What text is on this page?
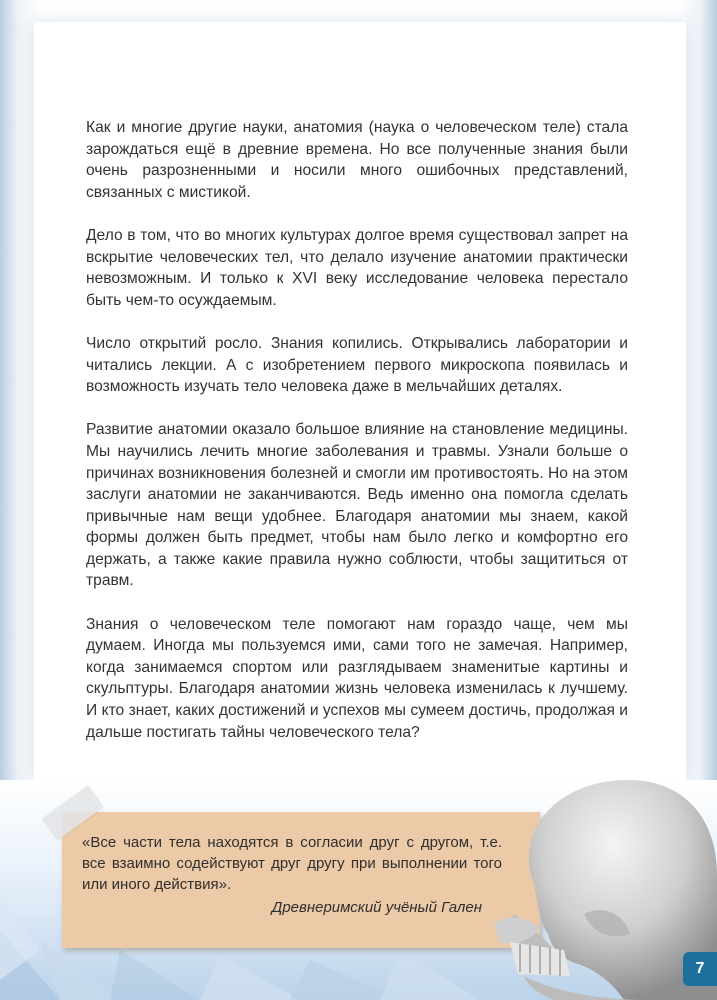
Как и многие другие науки, анатомия (наука о человеческом теле) стала зарождаться ещё в древние времена. Но все полученные знания были очень разрозненными и носили много ошибочных представлений, связанных с мистикой.

Дело в том, что во многих культурах долгое время существовал запрет на вскрытие человеческих тел, что делало изучение анатомии практически невозможным. И только к XVI веку исследование человека перестало быть чем-то осуждаемым.

Число открытий росло. Знания копились. Открывались лаборатории и читались лекции. А с изобретением первого микроскопа появилась и возможность изучать тело человека даже в мельчайших деталях.

Развитие анатомии оказало большое влияние на становление медицины. Мы научились лечить многие заболевания и травмы. Узнали больше о причинах возникновения болезней и смогли им противостоять. Но на этом заслуги анатомии не заканчиваются. Ведь именно она помогла сделать привычные нам вещи удобнее. Благодаря анатомии мы знаем, какой формы должен быть предмет, чтобы нам было легко и комфортно его держать, а также какие правила нужно соблюсти, чтобы защититься от травм.

Знания о человеческом теле помогают нам гораздо чаще, чем мы думаем. Иногда мы пользуемся ими, сами того не замечая. Например, когда занимаемся спортом или разглядываем знаменитые картины и скульптуры. Благодаря анатомии жизнь человека изменилась к лучшему. И кто знает, каких достижений и успехов мы сумеем достичь, продолжая и дальше постигать тайны человеческого тела?

«Все части тела находятся в согласии друг с другом, т.е. все взаимно содействуют друг другу при выполнении того или иного действия».
Древнеримский учёный Гален
7
